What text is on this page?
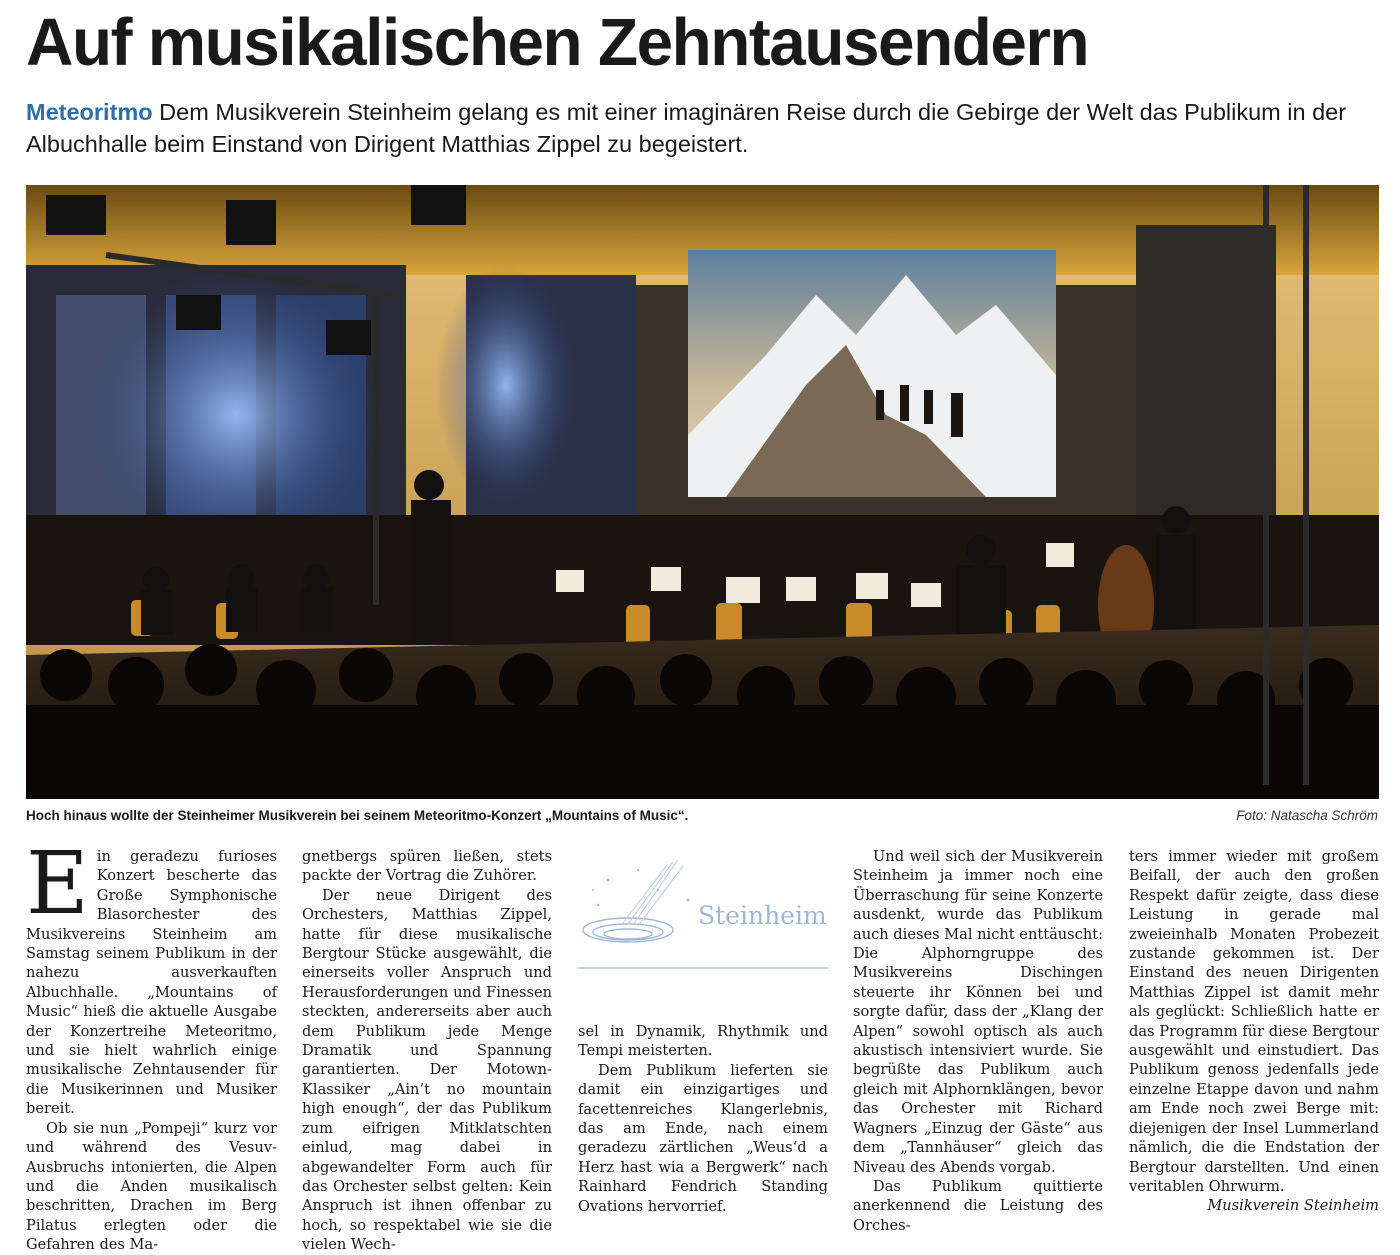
Auf musikalischen Zehntausendern

Meteoritmo Dem Musikverein Steinheim gelang es mit einer imaginären Reise durch die Gebirge der Welt das Publikum in der Albuchhalle beim Einstand von Dirigent Matthias Zippel zu begeistert.

Hoch hinaus wollte der Steinheimer Musikverein bei seinem Meteoritmo-Konzert „Mountains of Music“.	Foto: Natascha Schröm
E in geradezu furioses Konzert bescherte das Große Symphonische Blasorchester des Musikvereins Steinheim am Samstag seinem Publikum in der nahezu ausverkauften Albuchhalle. „Mountains of Music“ hieß die aktuelle Ausgabe der Konzertreihe Meteoritmo, und sie hielt wahrlich einige musikalische Zehntausender für die Musikerinnen und Musiker bereit.

Ob sie nun „Pompeji“ kurz vor und während des Vesuv-Ausbruchs intonierten, die Alpen und die Anden musikalisch beschritten, Drachen im Berg Pilatus erlegten oder die Gefahren des Ma-

gnetbergs spüren ließen, stets packte der Vortrag die Zuhörer.

Der neue Dirigent des Orchesters, Matthias Zippel, hatte für diese musikalische Bergtour Stücke ausgewählt, die einerseits voller Anspruch und Herausforderungen und Finessen steckten, andererseits aber auch dem Publikum jede Menge Dramatik und Spannung garantierten. Der Motown-Klassiker „Ain’t no mountain high enough“, der das Publikum zum eifrigen Mitklatschten einlud, mag dabei in abgewandelter Form auch für das Orchester selbst gelten: Kein Anspruch ist ihnen offenbar zu hoch, so respektabel wie sie die vielen Wech-

Steinheim

sel in Dynamik, Rhythmik und Tempi meisterten.

Dem Publikum lieferten sie damit ein einzigartiges und facettenreiches Klangerlebnis, das am Ende, nach einem geradezu zärtlichen „Weus‘d a Herz hast wia a Bergwerk“ nach Rainhard Fendrich Standing Ovations hervorrief.

Und weil sich der Musikverein Steinheim ja immer noch eine Überraschung für seine Konzerte ausdenkt, wurde das Publikum auch dieses Mal nicht enttäuscht: Die Alphorngruppe des Musikvereins Dischingen steuerte ihr Können bei und sorgte dafür, dass der „Klang der Alpen“ sowohl optisch als auch akustisch intensiviert wurde. Sie begrüßte das Publikum auch gleich mit Alphornklängen, bevor das Orchester mit Richard Wagners „Einzug der Gäste“ aus dem „Tannhäuser“ gleich das Niveau des Abends vorgab.

Das Publikum quittierte anerkennend die Leistung des Orches-

ters immer wieder mit großem Beifall, der auch den großen Respekt dafür zeigte, dass diese Leistung in gerade mal zweieinhalb Monaten Probezeit zustande gekommen ist. Der Einstand des neuen Dirigenten Matthias Zippel ist damit mehr als geglückt: Schließlich hatte er das Programm für diese Bergtour ausgewählt und einstudiert. Das Publikum genoss jedenfalls jede einzelne Etappe davon und nahm am Ende noch zwei Berge mit: diejenigen der Insel Lummerland nämlich, die die Endstation der Bergtour darstellten. Und einen veritablen Ohrwurm.

Musikverein Steinheim
